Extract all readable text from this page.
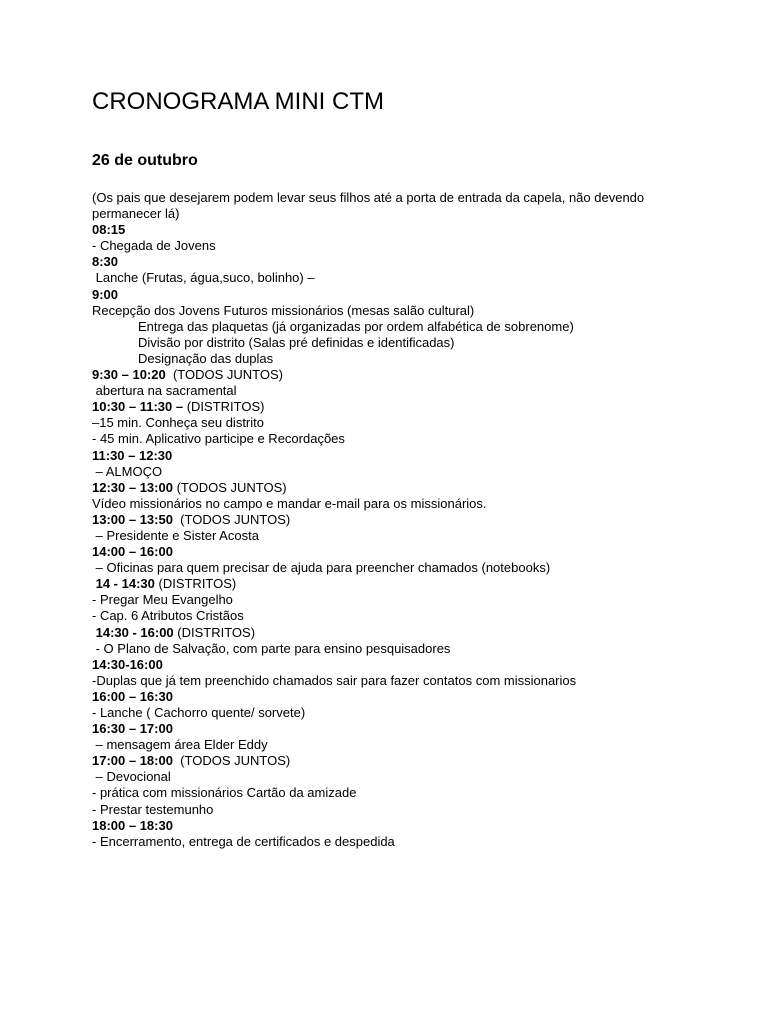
CRONOGRAMA MINI CTM
26 de outubro
(Os pais que desejarem podem levar seus filhos até a porta de entrada da capela, não devendo
permanecer lá)
08:15
- Chegada de Jovens
8:30
Lanche (Frutas, água,suco, bolinho) –
9:00
Recepção dos Jovens Futuros missionários (mesas salão cultural)
Entrega das plaquetas (já organizadas por ordem alfabética de sobrenome)
Divisão por distrito (Salas pré definidas e identificadas)
Designação das duplas
9:30 – 10:20  (TODOS JUNTOS)
abertura na sacramental
10:30 – 11:30 – (DISTRITOS)
–15 min. Conheça seu distrito
- 45 min. Aplicativo participe e Recordações
11:30 – 12:30
– ALMOÇO
12:30 – 13:00 (TODOS JUNTOS)
Vídeo missionários no campo e mandar e-mail para os missionários.
13:00 – 13:50  (TODOS JUNTOS)
– Presidente e Sister Acosta
14:00 – 16:00
– Oficinas para quem precisar de ajuda para preencher chamados (notebooks)
14 - 14:30 (DISTRITOS)
- Pregar Meu Evangelho
- Cap. 6 Atributos Cristãos
14:30 - 16:00 (DISTRITOS)
- O Plano de Salvação, com parte para ensino pesquisadores
14:30-16:00
-Duplas que já tem preenchido chamados sair para fazer contatos com missionarios
16:00 – 16:30
- Lanche ( Cachorro quente/ sorvete)
16:30 – 17:00
– mensagem área Elder Eddy
17:00 – 18:00  (TODOS JUNTOS)
– Devocional
- prática com missionários Cartão da amizade
- Prestar testemunho
18:00 – 18:30
- Encerramento, entrega de certificados e despedida
